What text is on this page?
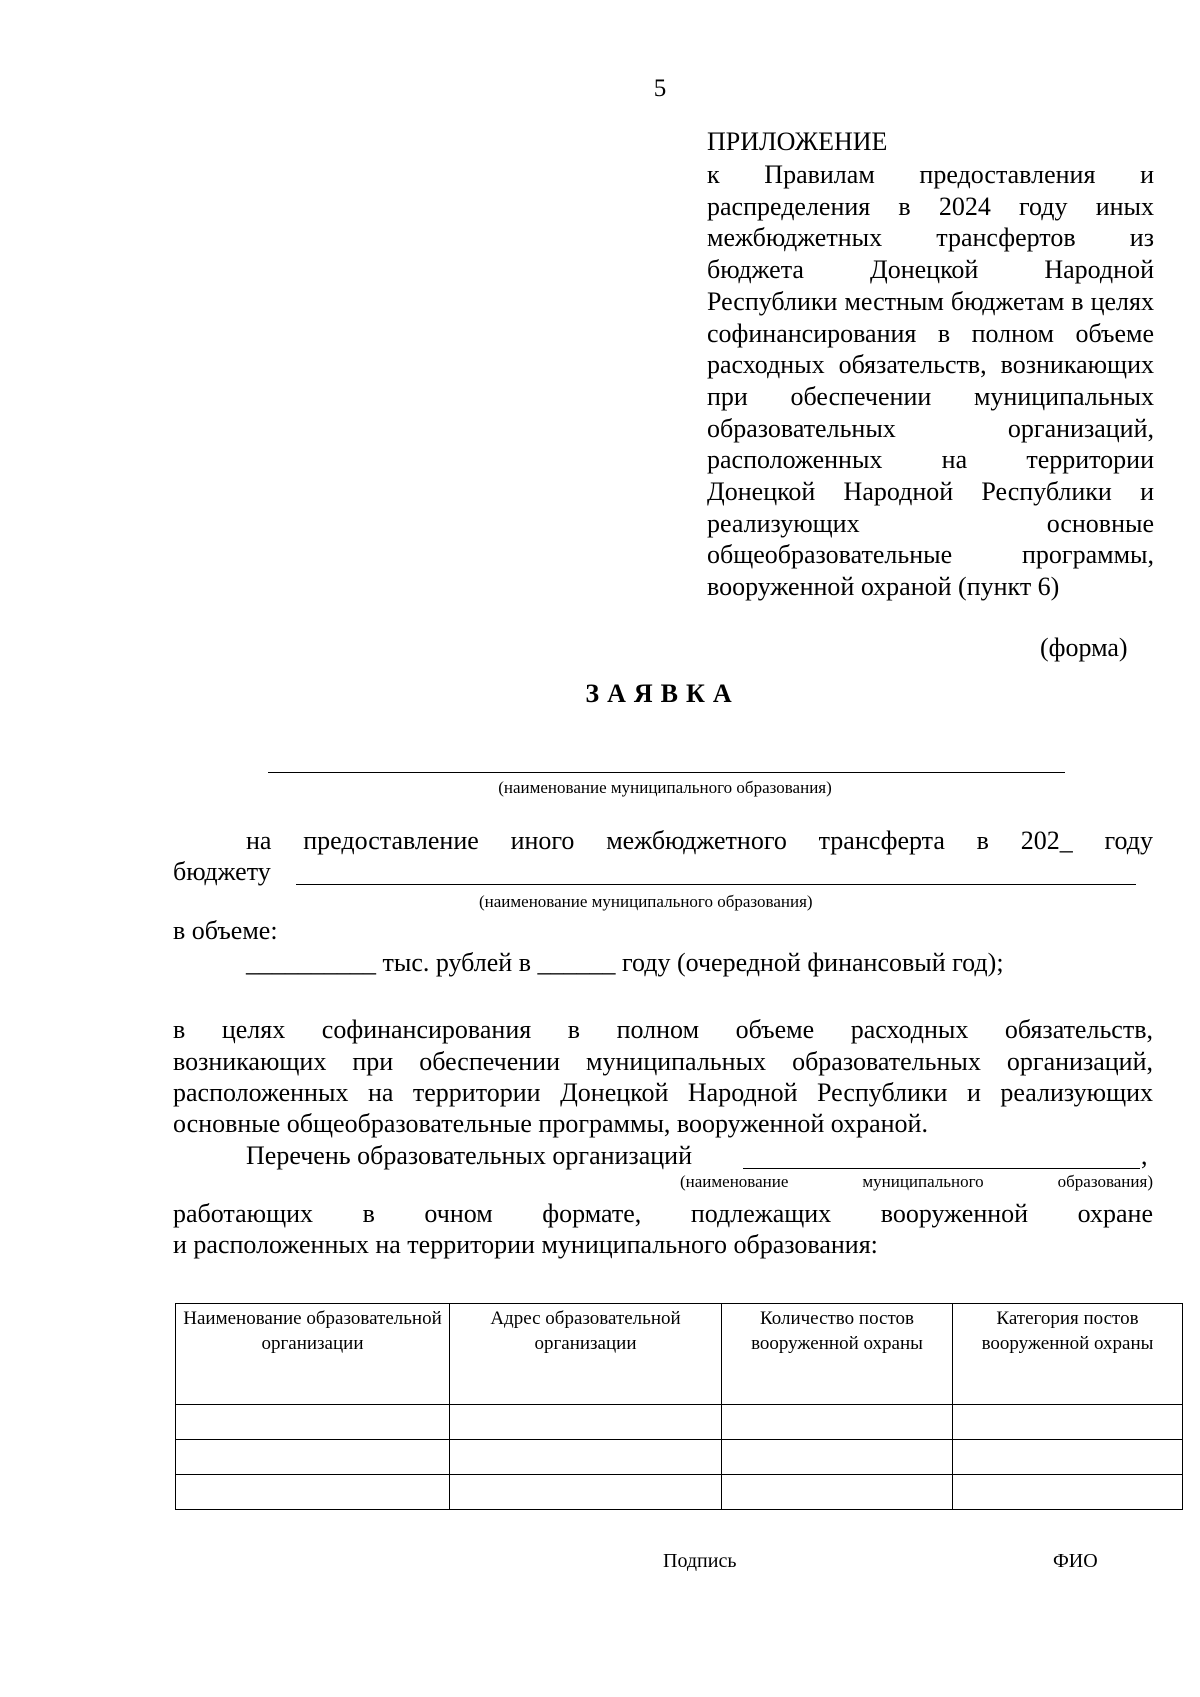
5
ПРИЛОЖЕНИЕ
к Правилам предоставления и распределения в 2024 году иных межбюджетных трансфертов из бюджета Донецкой Народной Республики местным бюджетам в целях софинансирования в полном объеме расходных обязательств, возникающих при обеспечении муниципальных образовательных организаций, расположенных на территории Донецкой Народной Республики и реализующих основные общеобразовательные программы, вооруженной охраной (пункт 6)
(форма)
ЗАЯВКА
(наименование муниципального образования)
на предоставление иного межбюджетного трансферта в 202_ году
бюджету
(наименование муниципального образования)
в объеме:
__________ тыс. рублей в ______ году (очередной финансовый год);
в целях софинансирования в полном объеме расходных обязательств,
возникающих при обеспечении муниципальных образовательных организаций,
расположенных на территории Донецкой Народной Республики и реализующих
основные общеобразовательные программы, вооруженной охраной.
Перечень образовательных организаций	,
(наименование	муниципального	образования)
работающих в очном формате, подлежащих вооруженной охране
и расположенных на территории муниципального образования:
Наименование образовательной организации	Адрес образовательной организации	Количество постов вооруженной охраны	Категория постов вооруженной охраны

Подпись	ФИО
